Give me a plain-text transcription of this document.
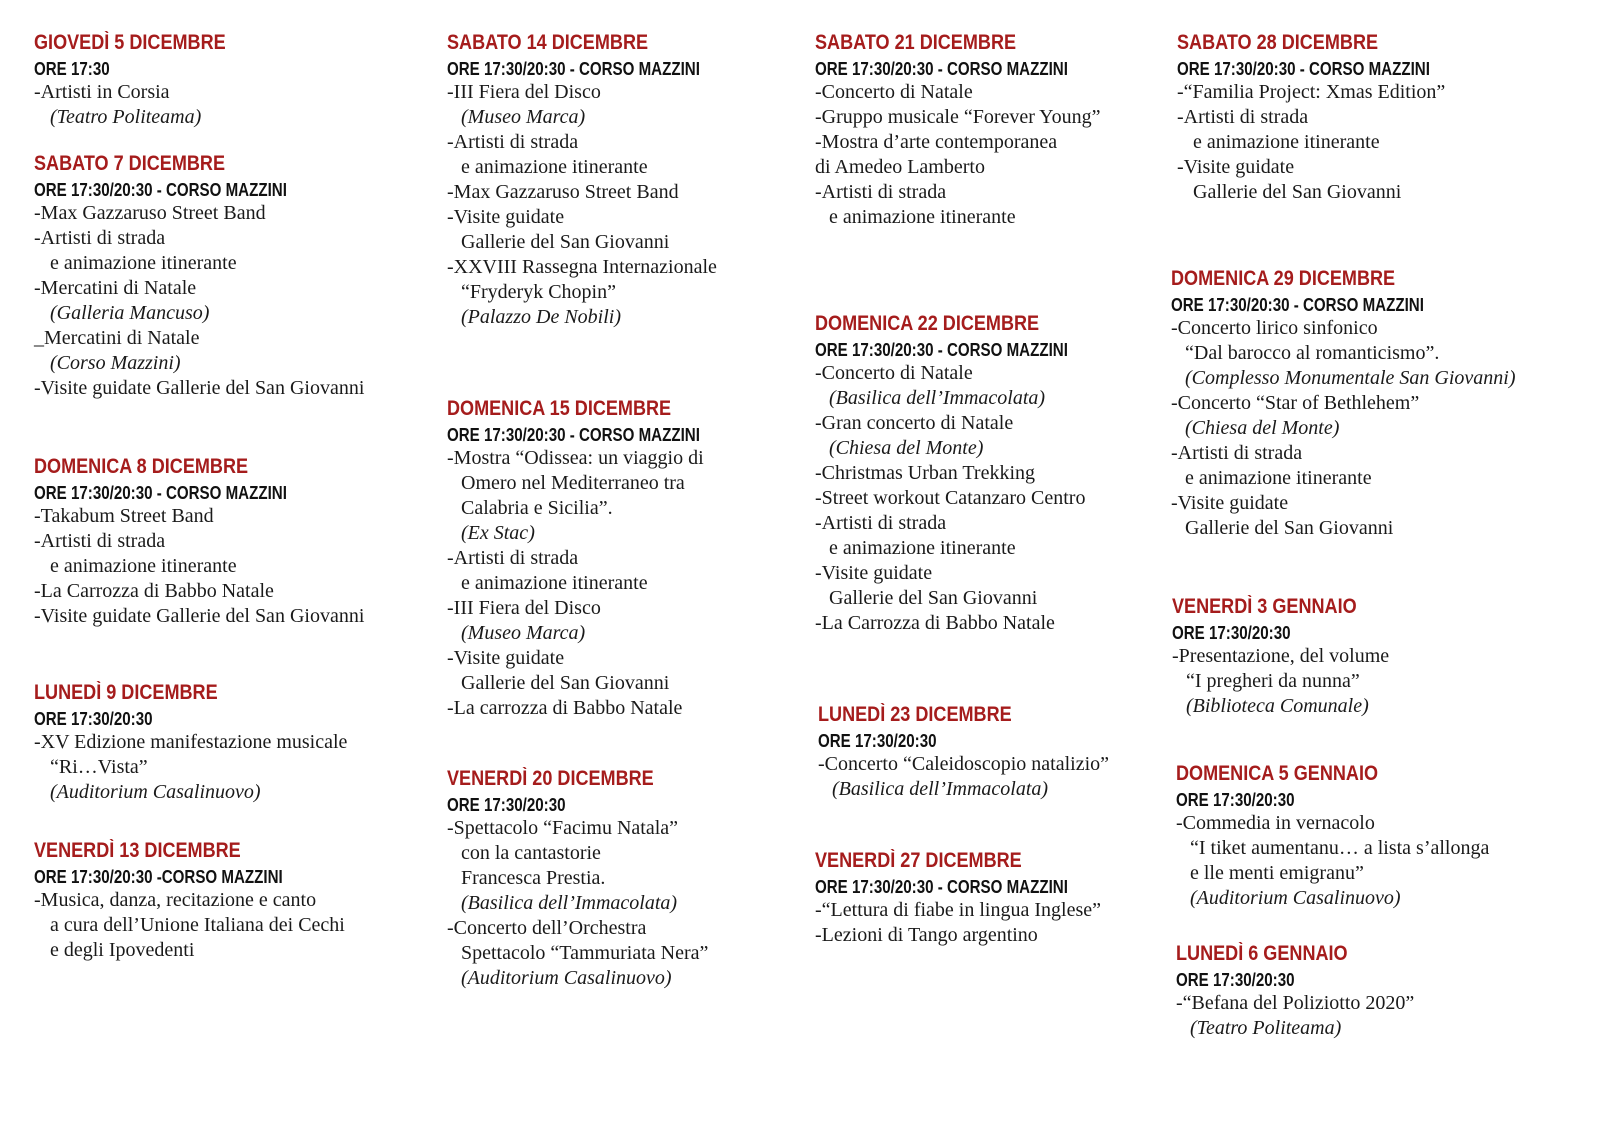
GIOVEDÌ 5 DICEMBRE
ORE 17:30
-Artisti in Corsia
(Teatro Politeama)
SABATO 7 DICEMBRE
ORE 17:30/20:30 - CORSO MAZZINI
-Max Gazzaruso Street Band
-Artisti di strada
e animazione itinerante
-Mercatini di Natale
(Galleria Mancuso)
_Mercatini di Natale
(Corso Mazzini)
-Visite guidate Gallerie del San Giovanni
DOMENICA 8 DICEMBRE
ORE 17:30/20:30 - CORSO MAZZINI
-Takabum Street Band
-Artisti di strada
e animazione itinerante
-La Carrozza di Babbo Natale
-Visite guidate Gallerie del San Giovanni
LUNEDÌ 9 DICEMBRE
ORE 17:30/20:30
-XV Edizione manifestazione musicale
“Ri…Vista”
(Auditorium Casalinuovo)
VENERDÌ 13 DICEMBRE
ORE 17:30/20:30 -CORSO MAZZINI
-Musica, danza, recitazione e canto
a cura dell’Unione Italiana dei Cechi
e degli Ipovedenti
SABATO 14 DICEMBRE
ORE 17:30/20:30 - CORSO MAZZINI
-III Fiera del Disco
(Museo Marca)
-Artisti di strada
e animazione itinerante
-Max Gazzaruso Street Band
-Visite guidate
Gallerie del San Giovanni
-XXVIII Rassegna Internazionale
“Fryderyk Chopin”
(Palazzo De Nobili)
DOMENICA 15 DICEMBRE
ORE 17:30/20:30 - CORSO MAZZINI
-Mostra “Odissea: un viaggio di
Omero nel Mediterraneo tra
Calabria e Sicilia”.
(Ex Stac)
-Artisti di strada
e animazione itinerante
-III Fiera del Disco
(Museo Marca)
-Visite guidate
Gallerie del San Giovanni
-La carrozza di Babbo Natale
VENERDÌ 20 DICEMBRE
ORE 17:30/20:30
-Spettacolo “Facimu Natala”
con la cantastorie
Francesca Prestia.
(Basilica dell’Immacolata)
-Concerto dell’Orchestra
Spettacolo “Tammuriata Nera”
(Auditorium Casalinuovo)
SABATO 21 DICEMBRE
ORE 17:30/20:30 - CORSO MAZZINI
-Concerto di Natale
-Gruppo musicale “Forever Young”
-Mostra d’arte contemporanea
di Amedeo Lamberto
-Artisti di strada
e animazione itinerante
DOMENICA 22 DICEMBRE
ORE 17:30/20:30 - CORSO MAZZINI
-Concerto di Natale
(Basilica dell’Immacolata)
-Gran concerto di Natale
(Chiesa del Monte)
-Christmas Urban Trekking
-Street workout Catanzaro Centro
-Artisti di strada
e animazione itinerante
-Visite guidate
Gallerie del San Giovanni
-La Carrozza di Babbo Natale
LUNEDÌ 23 DICEMBRE
ORE 17:30/20:30
-Concerto “Caleidoscopio natalizio”
(Basilica dell’Immacolata)
VENERDÌ 27 DICEMBRE
ORE 17:30/20:30 - CORSO MAZZINI
-“Lettura di fiabe in lingua Inglese”
-Lezioni di Tango argentino
SABATO 28 DICEMBRE
ORE 17:30/20:30 - CORSO MAZZINI
-“Familia Project: Xmas Edition”
-Artisti di strada
e animazione itinerante
-Visite guidate
Gallerie del San Giovanni
DOMENICA 29 DICEMBRE
ORE 17:30/20:30 - CORSO MAZZINI
-Concerto lirico sinfonico
“Dal barocco al romanticismo”.
(Complesso Monumentale San Giovanni)
-Concerto “Star of Bethlehem”
(Chiesa del Monte)
-Artisti di strada
e animazione itinerante
-Visite guidate
Gallerie del San Giovanni
VENERDÌ 3 GENNAIO
ORE 17:30/20:30
-Presentazione, del volume
“I pregheri da nunna”
(Biblioteca Comunale)
DOMENICA 5 GENNAIO
ORE 17:30/20:30
-Commedia in vernacolo
“I tiket aumentanu… a lista s’allonga
e lle menti emigranu”
(Auditorium Casalinuovo)
LUNEDÌ 6 GENNAIO
ORE 17:30/20:30
-“Befana del Poliziotto 2020”
(Teatro Politeama)
